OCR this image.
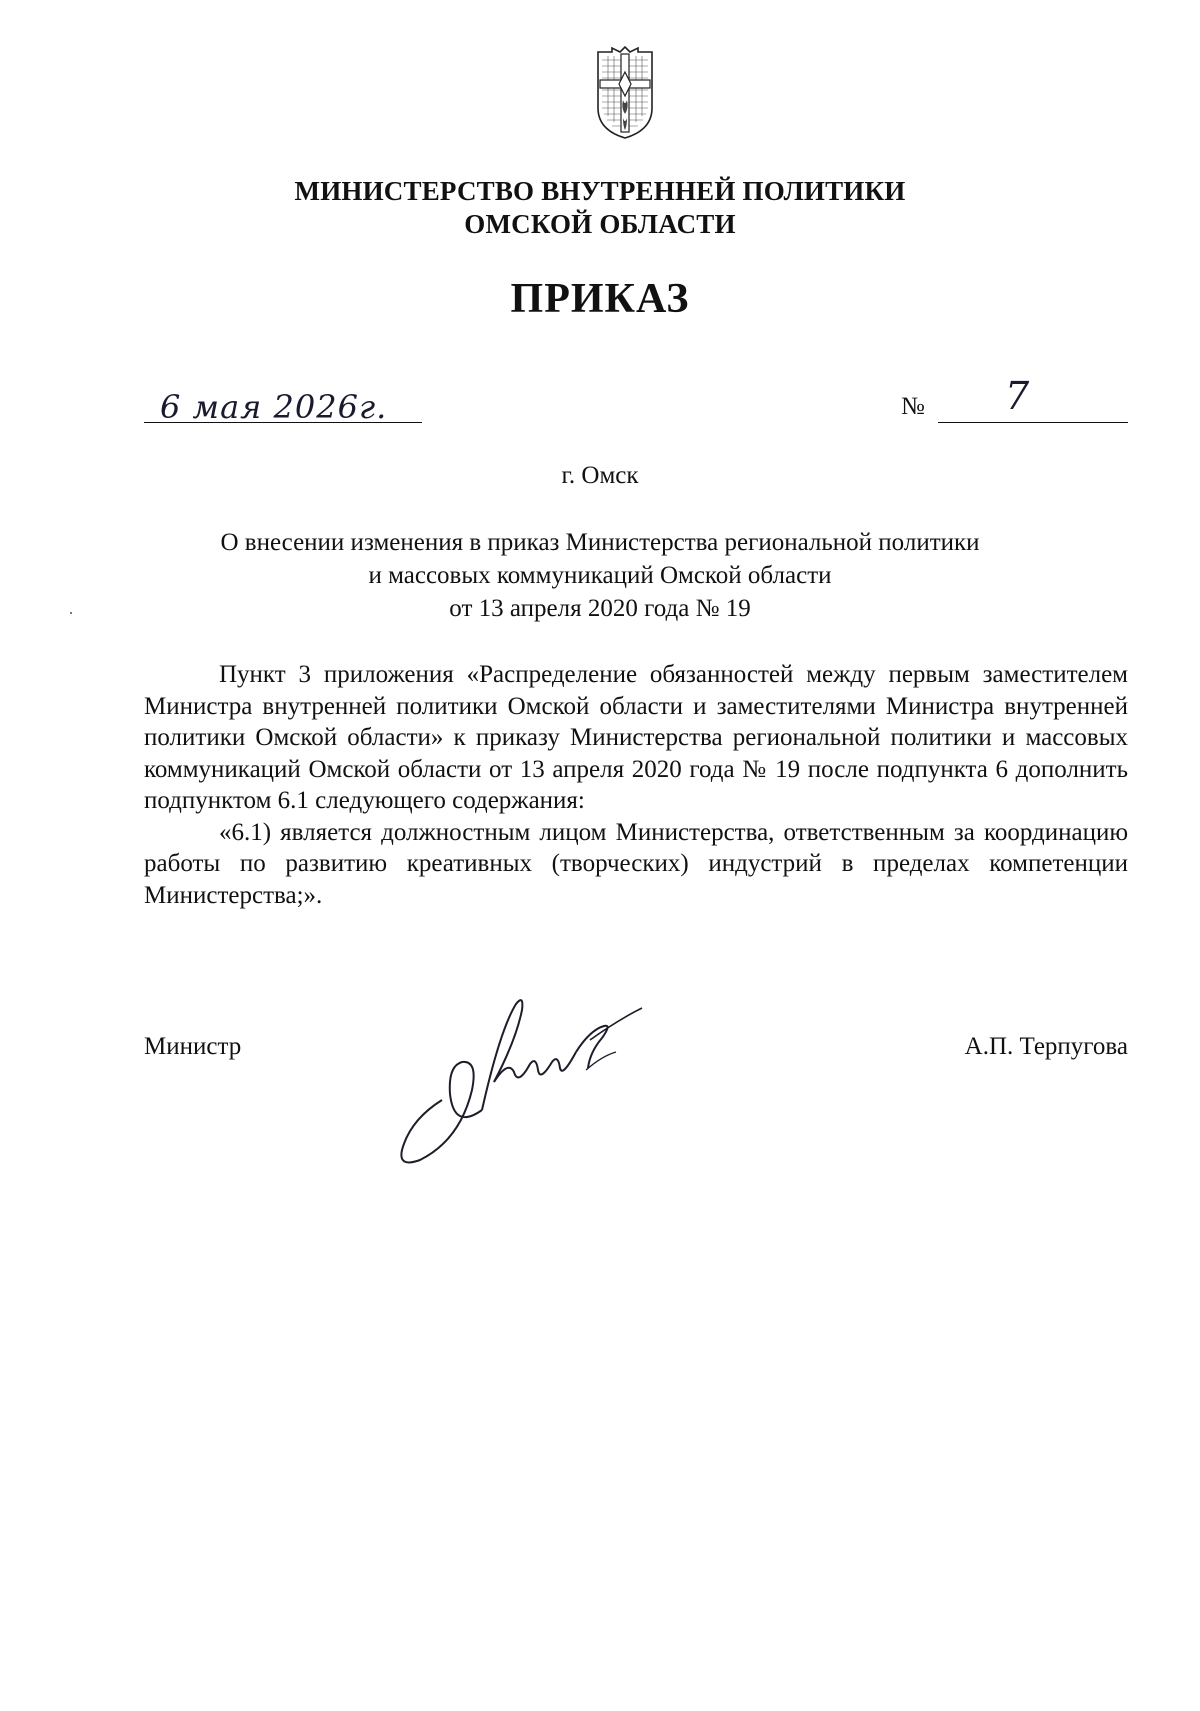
МИНИСТЕРСТВО ВНУТРЕННЕЙ ПОЛИТИКИ
ОМСКОЙ ОБЛАСТИ
ПРИКАЗ
6 мая 2026г.	№ 7
г. Омск
О внесении изменения в приказ Министерства региональной политики
и массовых коммуникаций Омской области
от 13 апреля 2020 года № 19

Пункт 3 приложения «Распределение обязанностей между первым заместителем Министра внутренней политики Омской области и заместителями Министра внутренней политики Омской области» к приказу Министерства региональной политики и массовых коммуникаций Омской области от 13 апреля 2020 года № 19 после подпункта 6 дополнить подпунктом 6.1 следующего содержания:

«6.1) является должностным лицом Министерства, ответственным за координацию работы по развитию креативных (творческих) индустрий в пределах компетенции Министерства;».

Министр	А.П. Терпугова
